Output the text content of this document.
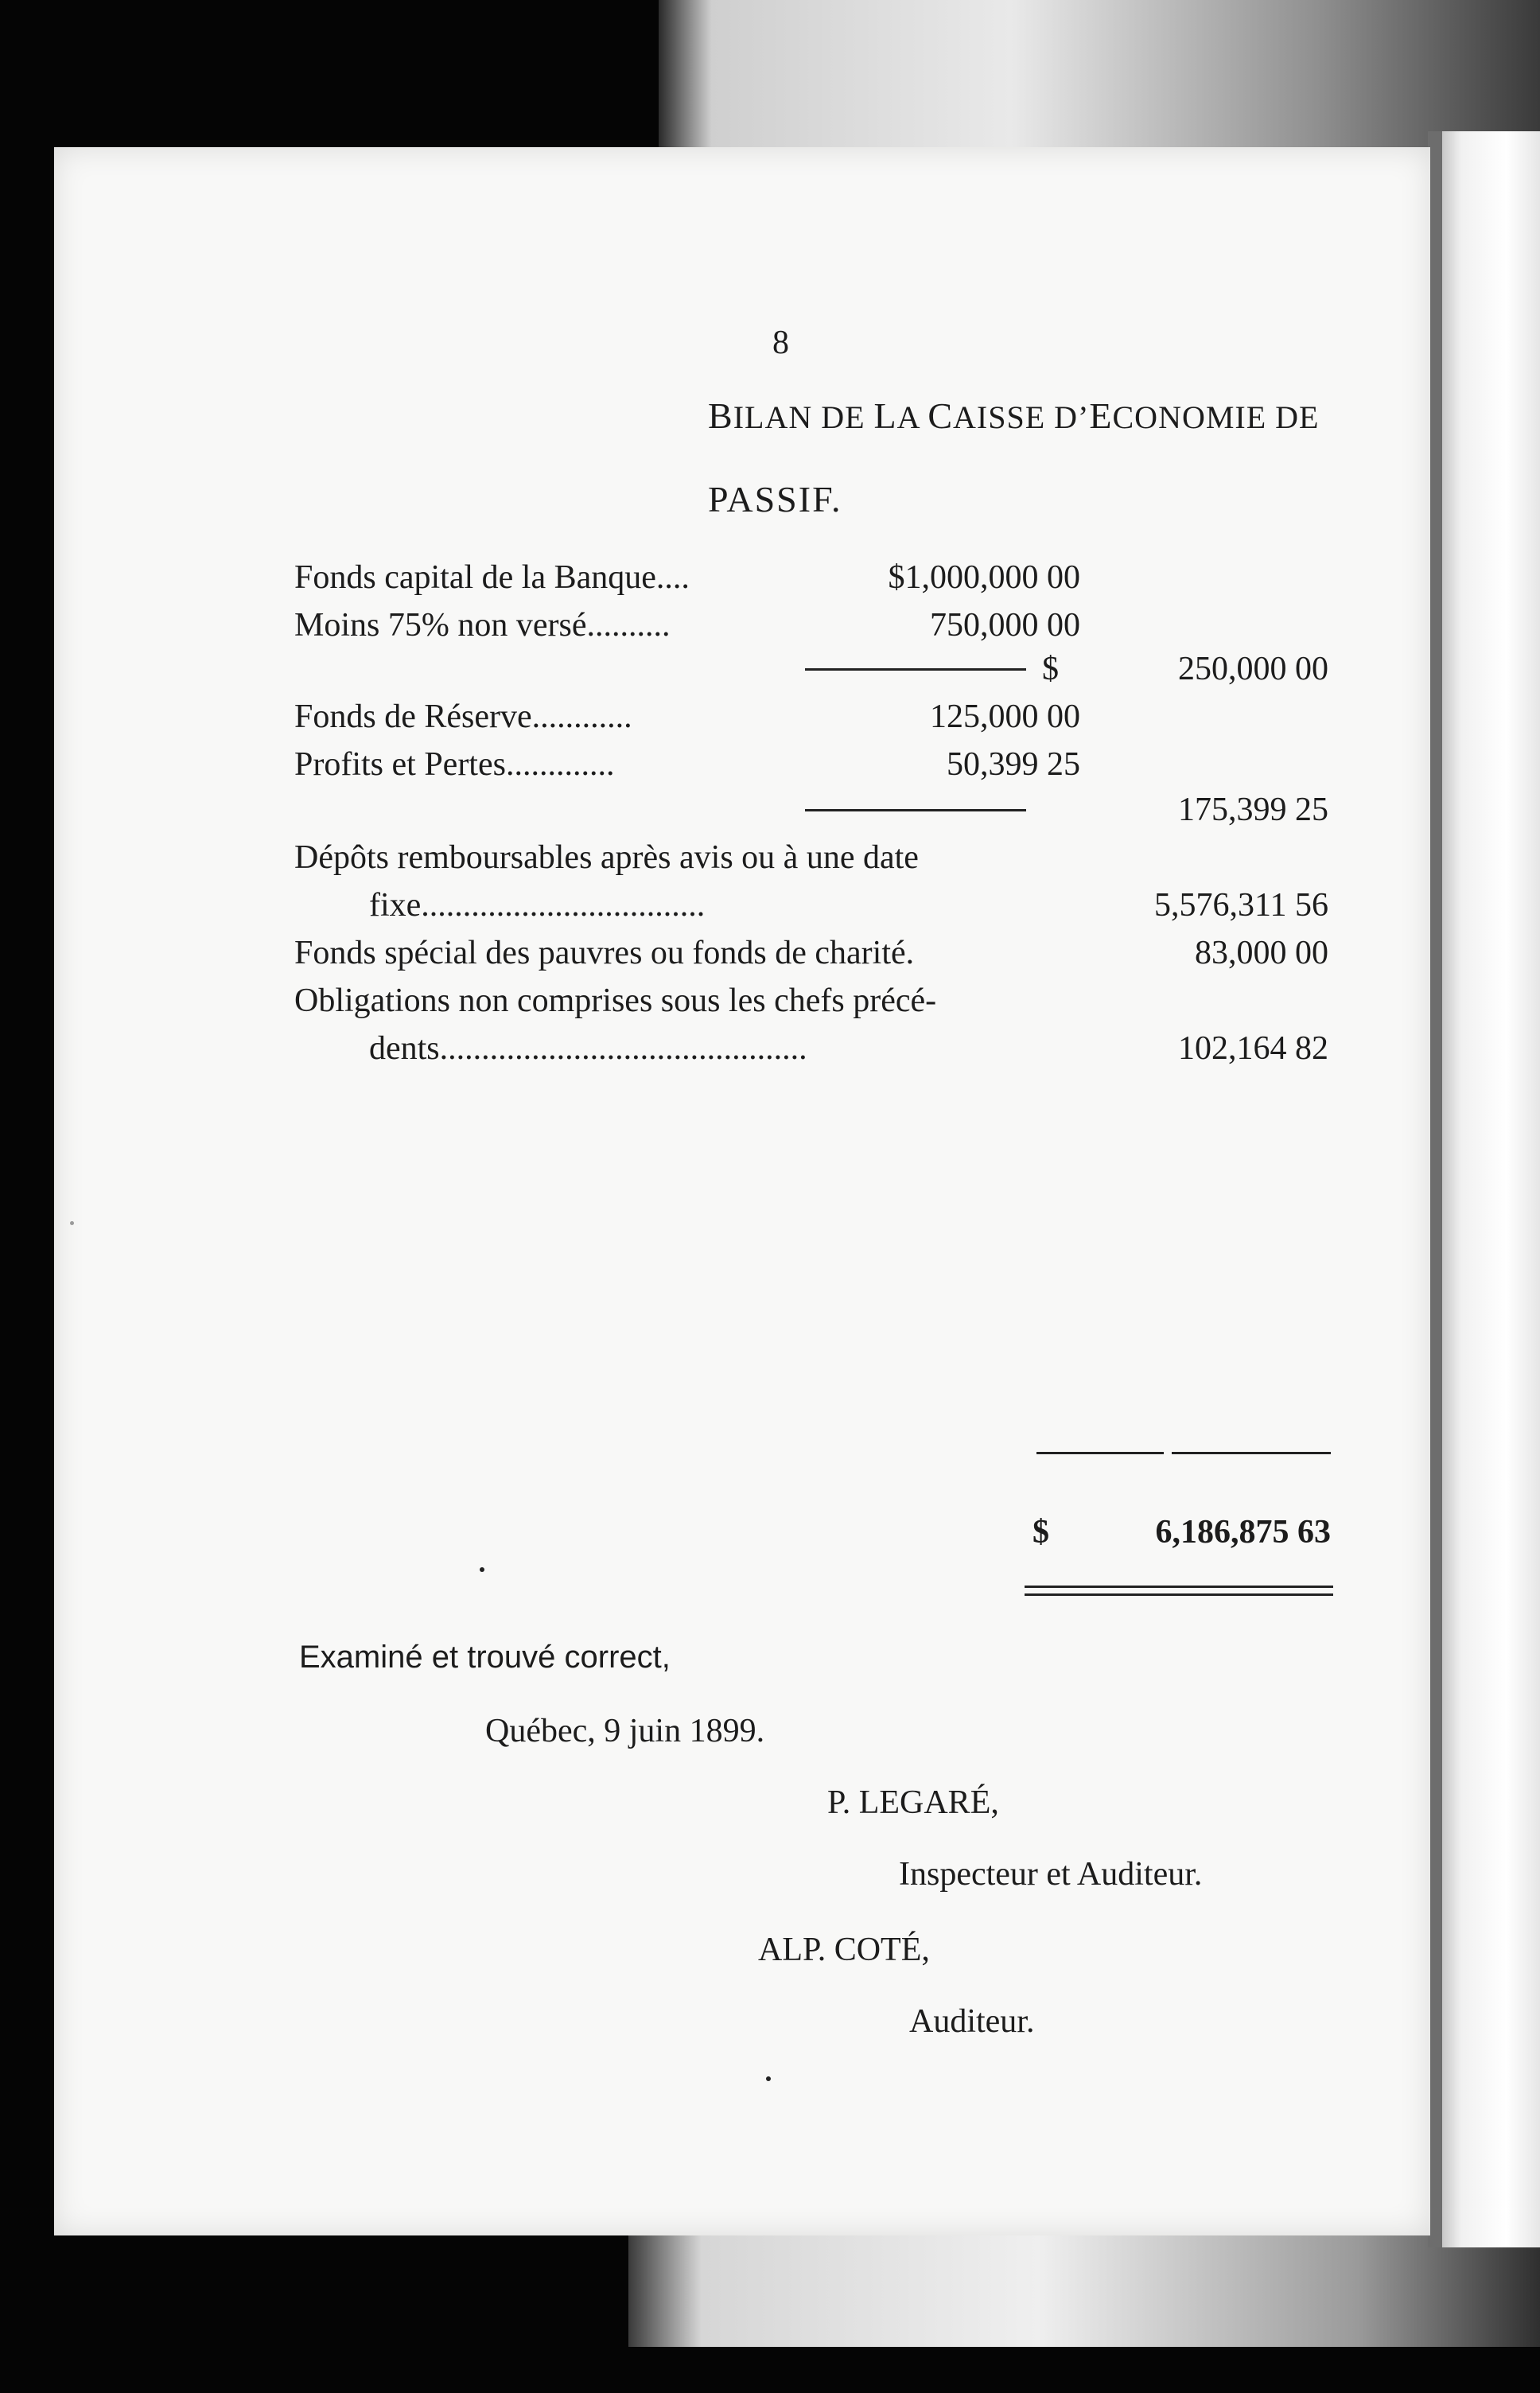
8
BILAN DE LA CAISSE D’ECONOMIE DE
PASSIF.
Fonds capital de la Banque....	$1,000,000 00
Moins 75% non versé..........	750,000 00
$	250,000 00
Fonds de Réserve............	125,000 00
Profits et Pertes.............	50,399 25
175,399 25
Dépôts remboursables après avis ou à une date
fixe..................................	5,576,311 56
Fonds spécial des pauvres ou fonds de charité.	83,000 00
Obligations non comprises sous les chefs précé-
dents............................................	102,164 82
$	6,186,875 63
Examiné et trouvé correct,
Québec, 9 juin 1899.
P. LEGARÉ,
Inspecteur et Auditeur.
ALP. COTÉ,
Auditeur.
